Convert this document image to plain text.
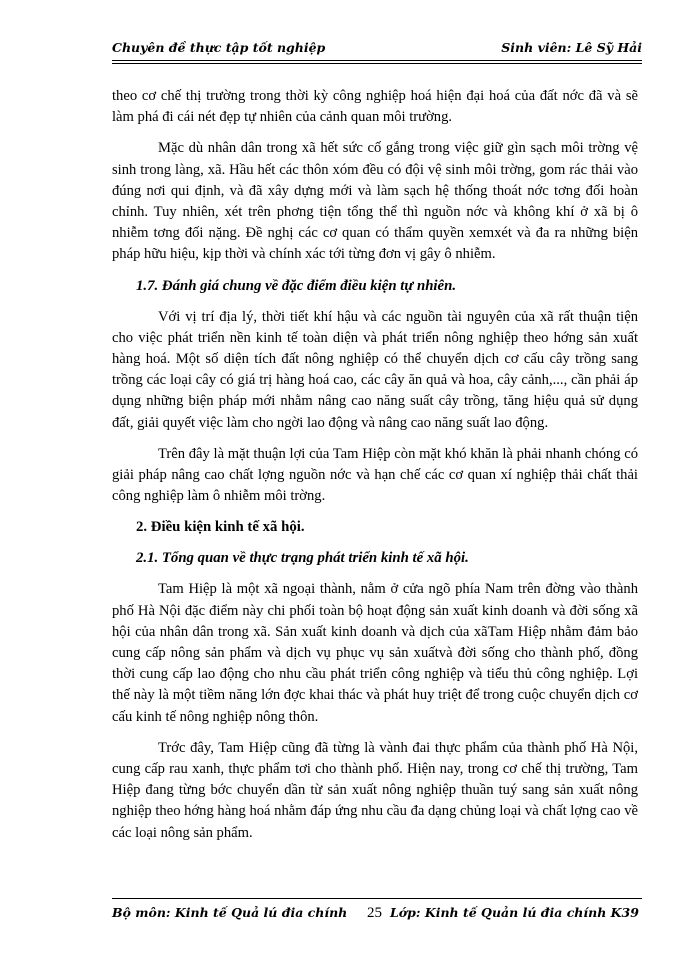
Chuyên đề thực tập tốt nghiệp	Sinh viên: Lê Sỹ Hải

theo cơ chế thị trường trong thời kỳ công nghiệp hoá hiện đại hoá của đất nớc đã và sẽ làm phá đi cái nét đẹp tự nhiên của cảnh quan môi trường.

Mặc dù nhân dân trong xã hết sức cố gắng trong việc giữ gìn sạch môi trờng vệ sinh trong làng, xã. Hầu hết các thôn xóm đều có đội vệ sinh môi trờng, gom rác thải vào đúng nơi qui định, và đã xây dựng mới và làm sạch hệ thống thoát nớc tơng đối hoàn chỉnh. Tuy nhiên, xét trên phơng tiện tổng thể thì nguồn nớc và không khí ở xã bị ô nhiễm tơng đối nặng. Đề nghị các cơ quan có thẩm quyền xemxét và đa ra những biện pháp hữu hiệu, kịp thời và chính xác tới từng đơn vị gây ô nhiễm.

1.7. Đánh giá chung về đặc điểm điều kiện tự nhiên.

Với vị trí địa lý, thời tiết khí hậu và các nguồn tài nguyên của xã rất thuận tiện cho việc phát triển nền kinh tế toàn diện và phát triển nông nghiệp theo hớng sản xuất hàng hoá. Một số diện tích đất nông nghiệp có thể chuyển dịch cơ cấu cây trồng sang trồng các loại cây có giá trị hàng hoá cao, các cây ăn quả và hoa, cây cảnh,..., cần phải áp dụng những biện pháp mới nhằm nâng cao năng suất cây trồng, tăng hiệu quả sử dụng đất, giải quyết việc làm cho ngời lao động và nâng cao năng suất lao động.

Trên đây là mặt thuận lợi của Tam Hiệp còn mặt khó khăn là phải nhanh chóng có giải pháp nâng cao chất lợng nguồn nớc và hạn chế các cơ quan xí nghiệp thải chất thải công nghiệp làm ô nhiễm môi trờng.

2. Điều kiện kinh tế xã hội.

2.1. Tổng quan về thực trạng phát triển kinh tế xã hội.

Tam Hiệp là một xã ngoại thành, nằm ở cửa ngõ phía Nam trên đờng vào thành phố Hà Nội đặc điểm này chi phối toàn bộ hoạt động sản xuất kinh doanh và đời sống xã hội của nhân dân trong xã. Sản xuất kinh doanh và dịch của xãTam Hiệp nhằm đảm bảo cung cấp nông sản phẩm và dịch vụ phục vụ sản xuấtvà đời sống cho thành phố, đồng thời cung cấp lao động cho nhu cầu phát triển công nghiệp và tiểu thủ công nghiệp. Lợi thế này là một tiềm năng lớn đợc khai thác và phát huy triệt để trong cuộc chuyển dịch cơ cấu kinh tế nông nghiệp nông thôn.

Trớc đây, Tam Hiệp cũng đã từng là vành đai thực phẩm của thành phố Hà Nội, cung cấp rau xanh, thực phẩm tơi cho thành phố. Hiện nay, trong cơ chế thị trường, Tam Hiệp đang từng bớc chuyển dần từ sản xuất nông nghiệp thuần tuý sang sản xuất nông nghiệp theo hớng hàng hoá nhằm đáp ứng nhu cầu đa dạng chủng loại và chất lợng cao về các loại nông sản phẩm.

Bộ môn: Kinh tế Quả lú đia chính 25 Lớp: Kinh tế Quản lú đia chính K39
